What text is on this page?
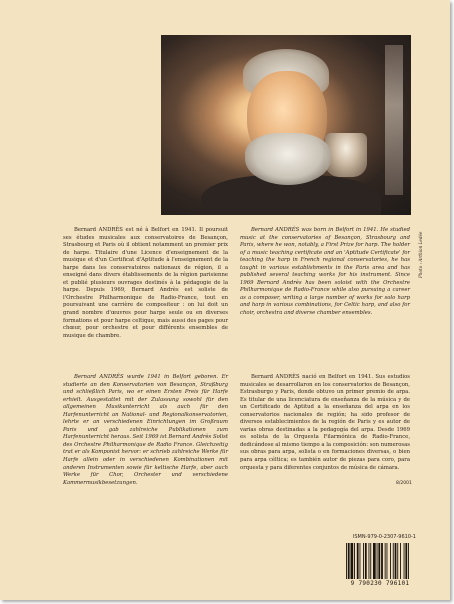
Photo : Arthion Ledée
Bernard ANDRÈS est né à Belfort en 1941. Il poursuit ses études musicales aux conservatoires de Besançon, Strasbourg et Paris où il obtient notamment un premier prix de harpe. Titulaire d'une Licence d'enseignement de la musique et d'un Certificat d'Aptitude à l'enseignement de la harpe dans les conservatoires nationaux de région, il a enseigné dans divers établissements de la région parisienne et publié plusieurs ouvrages destinés à la pédagogie de la harpe. Depuis 1969, Bernard Andrès est soliste de l'Orchestre Philharmonique de Radio-France, tout en poursuivant une carrière de compositeur : on lui doit un grand nombre d'œuvres pour harpe seule ou en diverses formations et pour harpe celtique, mais aussi des pages pour chœur, pour orchestre et pour différents ensembles de musique de chambre.
Bernard ANDRÈS was born in Belfort in 1941. He studied music at the conservatories of Besançon, Strasbourg and Paris, where he won, notably, a First Prize for harp. The holder of a music teaching certificate and an 'Aptitude Certificate' for teaching the harp in French regional conservatories, he has taught in various establishments in the Paris area and has published several teaching works for his instrument. Since 1969 Bernard Andrès has been soloist with the Orchestre Philharmonique de Radio-France while also pursuing a career as a composer, writing a large number of works for solo harp and harp in various combinations, for Celtic harp, and also for choir, orchestra and diverse chamber ensembles.
Bernard ANDRÈS wurde 1941 in Belfort geboren. Er studierte an den Konservatorien von Besançon, Straßburg und schließlich Paris, wo er einen Ersten Preis für Harfe erhielt. Ausgestattet mit der Zulassung sowohl für den allgemeinen Musikunterricht als auch für den Harfenunterricht an National- und Regionalkonservatorien, lehrte er an verschiedenen Einrichtungen im Großraum Paris und gab zahlreiche Publikationen zum Harfenunterricht heraus. Seit 1969 ist Bernard Andrès Solist des Orchestre Philharmonique de Radio France. Gleichzeitig trat er als Komponist hervor: er schrieb zahlreiche Werke für Harfe allein oder in verschiedenen Kombinationen mit anderen Instrumenten sowie für keltische Harfe, aber auch Werke für Chor, Orchester und verschiedene Kammermusikbesetzungen.
Bernard ANDRÈS nació en Belfort en 1941. Sus estudios musicales se desarrollaron en los conservatorios de Besançon, Estrasburgo y Paris, donde obtuvo un primer premio de arpa. Es titular de una licenciatura de enseñanza de la música y de un Certificado de Aptitud a la enseñanza del arpa en los conservatorios nacionales de región; ha sido profesor de diversos establecimientos de la región de Paris y es autor de varias obras destinadas a la pedagogía del arpa. Desde 1969 es solista de la Orquesta Filarmónica de Radio-France, dedicándose al mismo tiempo a la composición: son numerosas sus obras para arpa, solista o en formaciones diversas, o bien para arpa céltica; es también autor de piezas para coro, para orquesta y para diferentes conjuntos de música de cámara.
8/2001
ISMN-979-0-2307-9610-1
9 790230 796101
